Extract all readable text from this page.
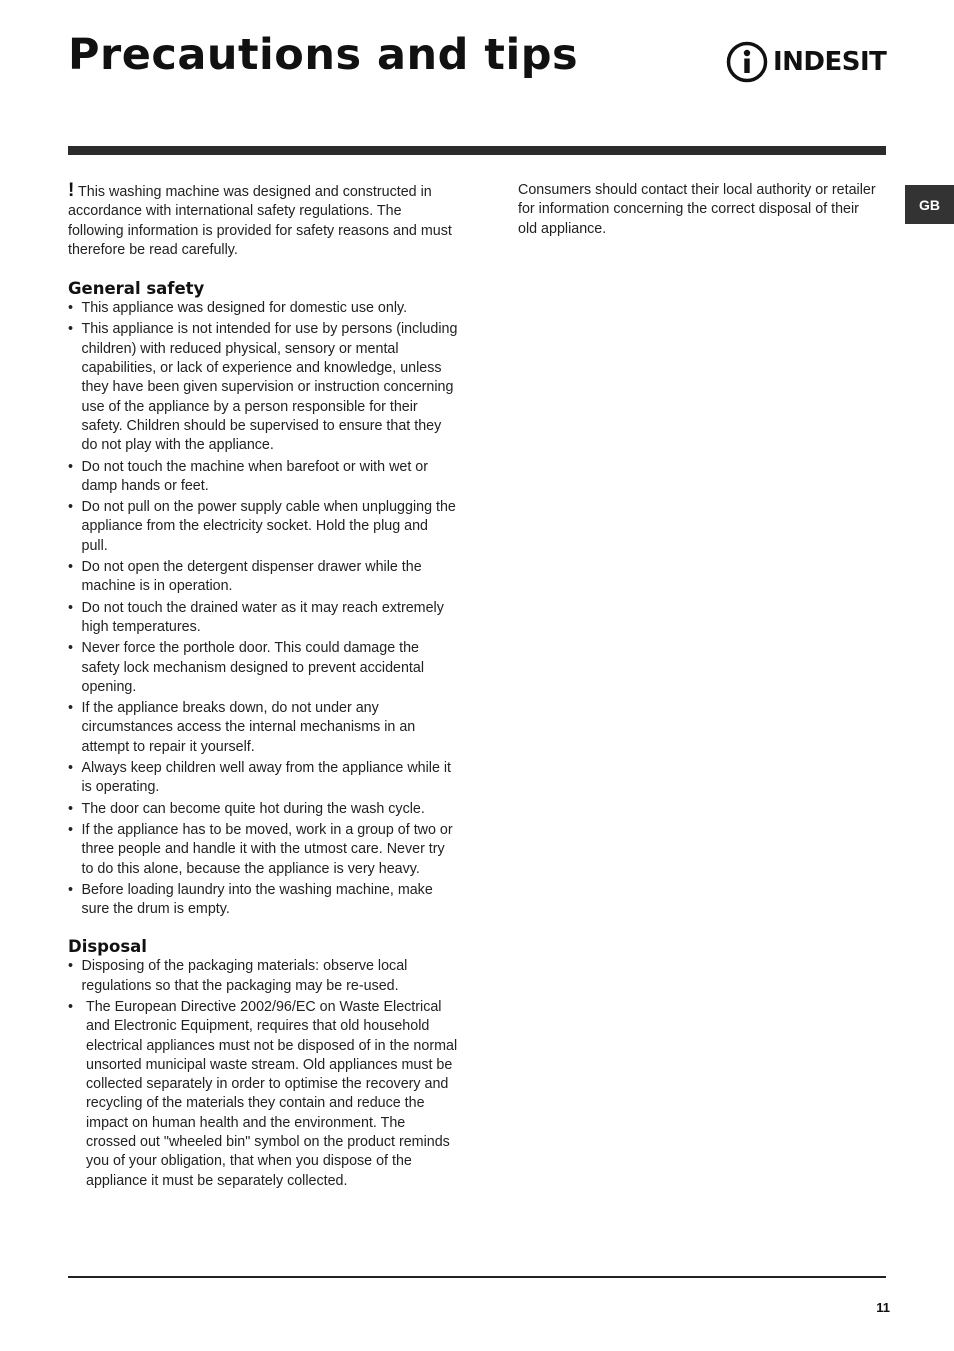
Precautions and tips	INDESIT
GB

! This washing machine was designed and constructed in accordance with international safety regulations. The following information is provided for safety reasons and must therefore be read carefully.

General safety
• This appliance was designed for domestic use only.
• This appliance is not intended for use by persons (including children) with reduced physical, sensory or mental capabilities, or lack of experience and knowledge, unless they have been given supervision or instruction concerning use of the appliance by a person responsible for their safety. Children should be supervised to ensure that they do not play with the appliance.
• Do not touch the machine when barefoot or with wet or damp hands or feet.
• Do not pull on the power supply cable when unplugging the appliance from the electricity socket. Hold the plug and pull.
• Do not open the detergent dispenser drawer while the machine is in operation.
• Do not touch the drained water as it may reach extremely high temperatures.
• Never force the porthole door. This could damage the safety lock mechanism designed to prevent accidental opening.
• If the appliance breaks down, do not under any circumstances access the internal mechanisms in an attempt to repair it yourself.
• Always keep children well away from the appliance while it is operating.
• The door can become quite hot during the wash cycle.
• If the appliance has to be moved, work in a group of two or three people and handle it with the utmost care. Never try to do this alone, because the appliance is very heavy.
• Before loading laundry into the washing machine, make sure the drum is empty.
Disposal
• Disposing of the packaging materials: observe local regulations so that the packaging may be re-used.
• The European Directive 2002/96/EC on Waste Electrical and Electronic Equipment, requires that old household electrical appliances must not be disposed of in the normal unsorted municipal waste stream. Old appliances must be collected separately in order to optimise the recovery and recycling of the materials they contain and reduce the impact on human health and the environment. The crossed out "wheeled bin" symbol on the product reminds you of your obligation, that when you dispose of the appliance it must be separately collected.

Consumers should contact their local authority or retailer for information concerning the correct disposal of their old appliance.

11
